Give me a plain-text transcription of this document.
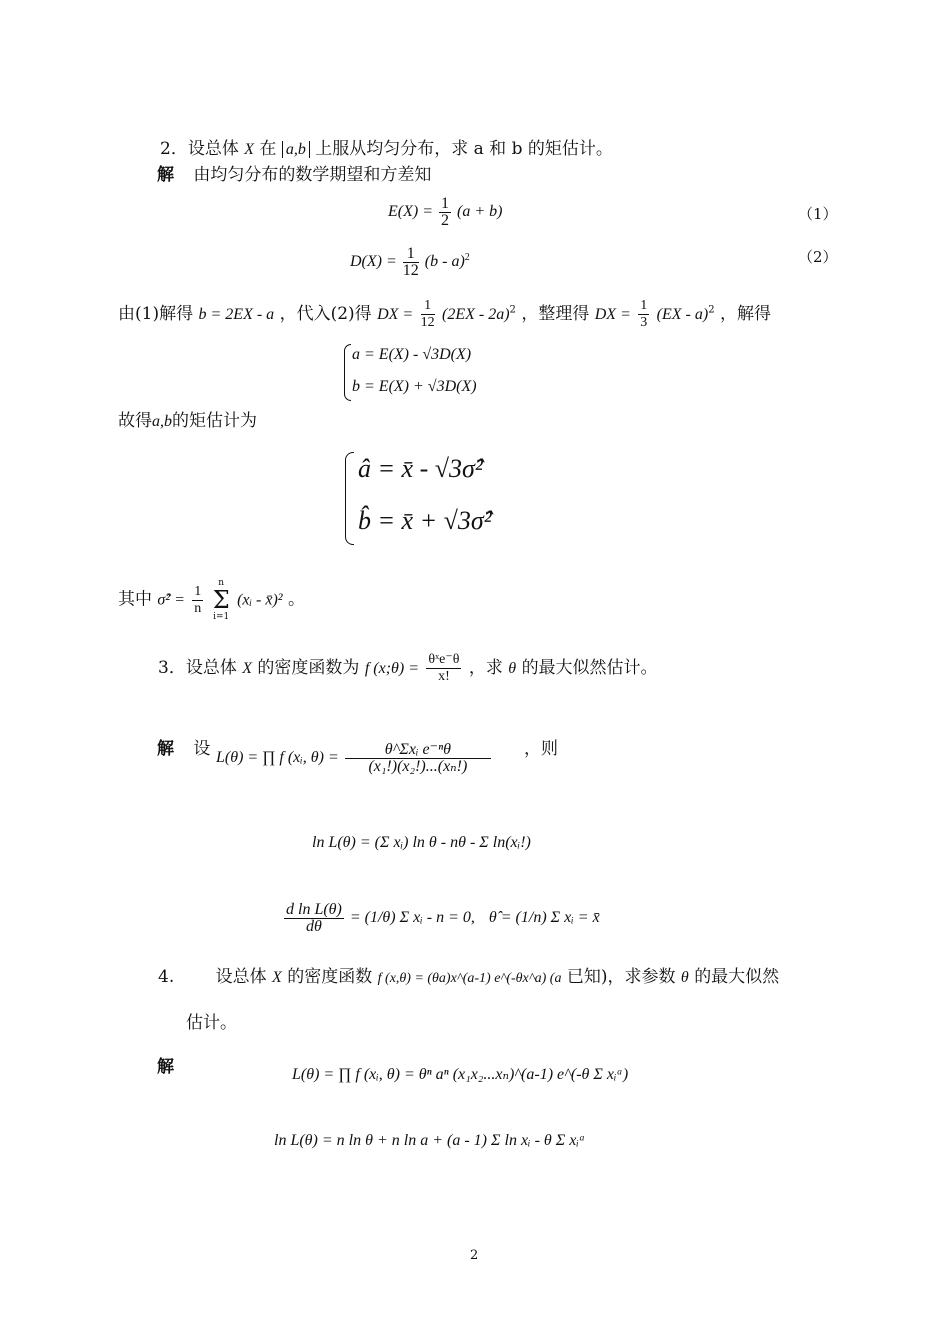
2．设总体 X 在 a,b 上服从均匀分布，求 a 和 b 的矩估计。
解 由均匀分布的数学期望和方差知
$E(X) = \frac{1}{2} (a + b)$	（1）
$D(X) = \frac{1}{12} (b - a)^2$	（2）
由(1)解得 b = 2EX - a ，代入(2)得 DX = $\frac{1}{12} (2EX - 2a)^2$ ，整理得 DX = $\frac{1}{3} (EX - a)^2$ ，解得
a = E(X) - √3D(X)
b = E(X) + √3D(X)
故得a,b的矩估计为
â = x̄ - √3σ̂²
b̂ = x̄ + √3σ̂²
其中 σ̂² = $\frac{1}{n}$

n
Σ
i=1
(xᵢ - x̄)² 。
3．设总体 X 的密度函数为 f (x;θ) = $\frac{\text{θˣe⁻θ}}{x!}$ ，求 θ 的最大似然估计。
解 设 L(θ) = ∏ f (xᵢ, $\theta) = \frac{\text{θ\textasciicircum{}Σxᵢ e⁻ⁿθ}}{\text{(x₁!)(x₂!)...(xₙ!)}}$ ，则
ln L(θ) = (Σ xᵢ) ln θ - nθ - Σ ln(xᵢ!)
$\frac{\text{d ln L(θ)}}{d\theta} = (1/\theta)$ Σ xᵢ - n = 0, θ̂ = (1/n) Σ xᵢ = x̄
4. 设总体 X 的密度函数 f (x,θ) = (θa)x^(a-1) e^(-θx^a) (a 已知)，求参数 θ 的最大似然
估计。
解	L(θ) = ∏ f (xᵢ, θ) = θⁿ aⁿ (x₁x₂...xₙ)^(a-1) e^(-θ Σ xᵢᵃ)
ln L(θ) = n ln θ + n ln a + (a - 1) Σ ln xᵢ - θ Σ xᵢᵃ
2
